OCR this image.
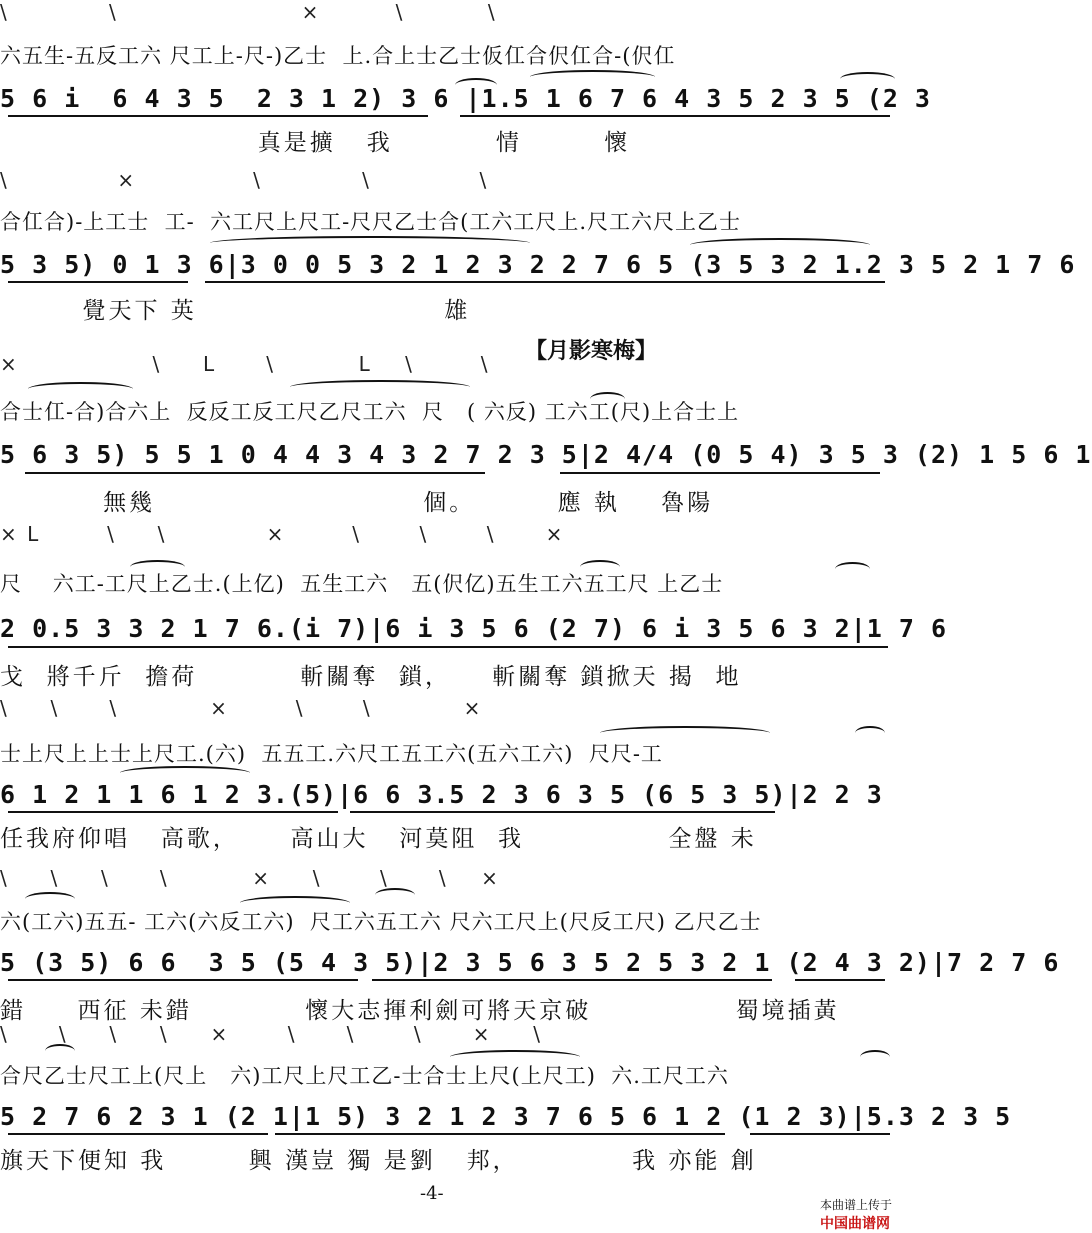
\            \                      ×         \          \
六五生-五反工六 尺工上-尺-)乙士  上.合上士乙士仮仜合伬仜合-(伬仜
5 6 i  6 4 3 5  2 3 1 2) 3 6 |1.5 1 6 7 6 4 3 5 2 3 5 (2 3
真是擴   我          情        懷
\             ×              \            \             \
合仜合)-上工士  工-  六工尺上尺工-尺尺乙士合(工六工尺上.尺工六尺上乙士
5 3 5) 0 1 3 6|3 0 0 5 3 2 1 2 3 2 2 7 6 5 (3 5 3 2 1.2 3 5 2 1 7 6
覺天下 英                        雄
【月影寒梅】
×                \     L      \          L    \        \
合士仜-合)合六上  反反工反工尺乙尺工六  尺   ( 六反) 工六工(尺)上合士上
5 6 3 5) 5 5 1 0 4 4 3 4 3 2 7 2 3 5|2 4/4 (0 5 4) 3 5 3 (2) 1 5 6 1
無幾                          個。        應 執    魯陽
× L        \     \            ×        \       \       \      ×
尺    六工-工尺上乙士.(上亿)  五生工六   五(伬亿)五生工六五工尺 上乙士
2 0.5 3 3 2 1 7 6.(i 7)|6 i 3 5 6 (2 7) 6 i 3 5 6 3 2|1 7 6
戈  將千斤  擔荷          斬關奪  鎖，    斬關奪 鎖掀天 揭  地
\     \      \           ×        \       \           ×
士上尺上上士上尺工.(六)  五五工.六尺工五工六(五六工六)  尺尺-工
6 1 2 1 1 6 1 2 3.(5)|6 6 3.5 2 3 6 3 5 (6 5 3 5)|2 2 3
任我府仰唱   高歌，     高山大   河莫阻  我              全盤 未
\     \     \      \          ×     \       \      \    ×
六(工六)五五- 工六(六反工六)  尺工六五工六 尺六工尺上(尺反工尺) 乙尺乙士
5 (3 5) 6 6  3 5 (5 4 3 5)|2 3 5 6 3 5 2 5 3 2 1 (2 4 3 2)|7 2 7 6
錯     西征 未錯           懷大志揮利劍可將天京破              蜀境插黃
\      \     \     \     ×       \      \       \      ×     \
合尺乙士尺工上(尺上   六)工尺上尺工乙-士合士上尺(上尺工)  六.工尺工六
5 2 7 6 2 3 1 (2 1|1 5) 3 2 1 2 3 7 6 5 6 1 2 (1 2 3)|5.3 2 3 5
旗天下便知 我        興 漢豈 獨 是劉   邦，           我 亦能 創
-4-

本曲谱上传于
中国曲谱网
